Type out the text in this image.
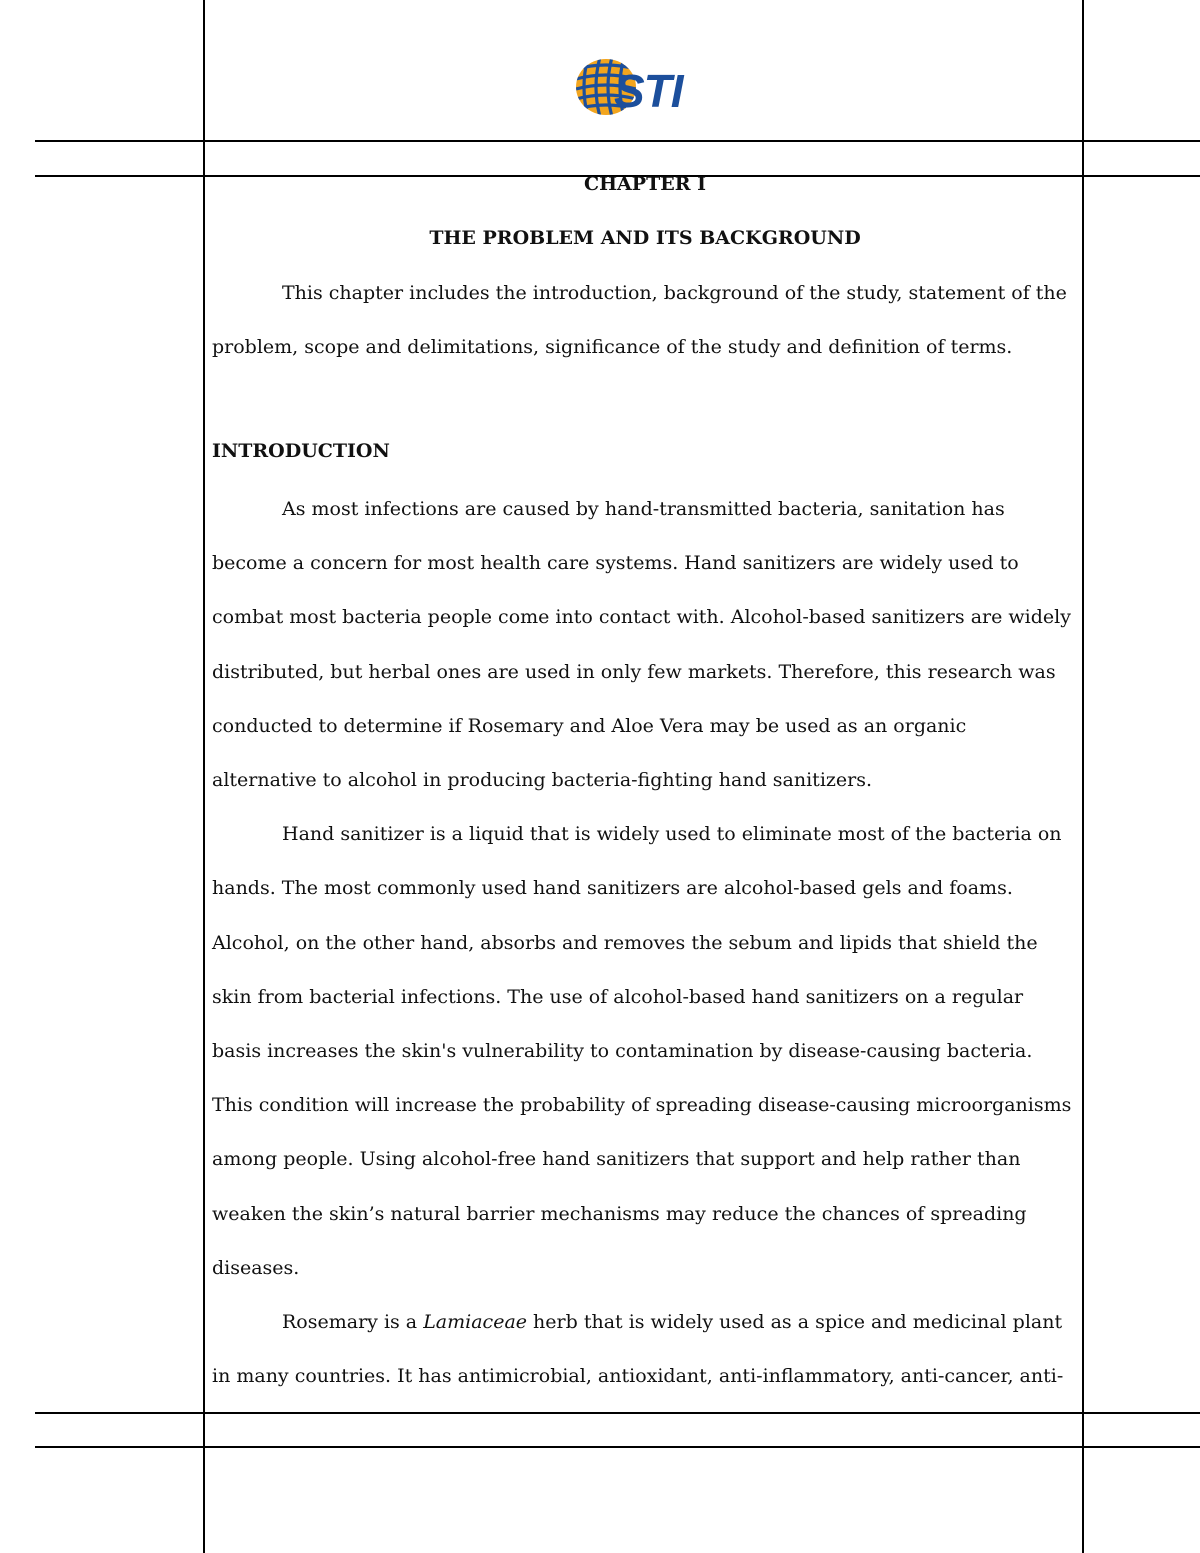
STI
CHAPTER I
THE PROBLEM AND ITS BACKGROUND

This chapter includes the introduction, background of the study, statement of the problem, scope and delimitations, significance of the study and definition of terms.

INTRODUCTION

As most infections are caused by hand-transmitted bacteria, sanitation has become a concern for most health care systems. Hand sanitizers are widely used to combat most bacteria people come into contact with. Alcohol-based sanitizers are widely distributed, but herbal ones are used in only few markets. Therefore, this research was conducted to determine if Rosemary and Aloe Vera may be used as an organic alternative to alcohol in producing bacteria-fighting hand sanitizers.

Hand sanitizer is a liquid that is widely used to eliminate most of the bacteria on hands. The most commonly used hand sanitizers are alcohol-based gels and foams. Alcohol, on the other hand, absorbs and removes the sebum and lipids that shield the skin from bacterial infections. The use of alcohol-based hand sanitizers on a regular basis increases the skin's vulnerability to contamination by disease-causing bacteria. This condition will increase the probability of spreading disease-causing microorganisms among people. Using alcohol-free hand sanitizers that support and help rather than weaken the skin’s natural barrier mechanisms may reduce the chances of spreading diseases.

Rosemary is a Lamiaceae herb that is widely used as a spice and medicinal plant in many countries. It has antimicrobial, antioxidant, anti-inflammatory, anti-cancer, anti-
